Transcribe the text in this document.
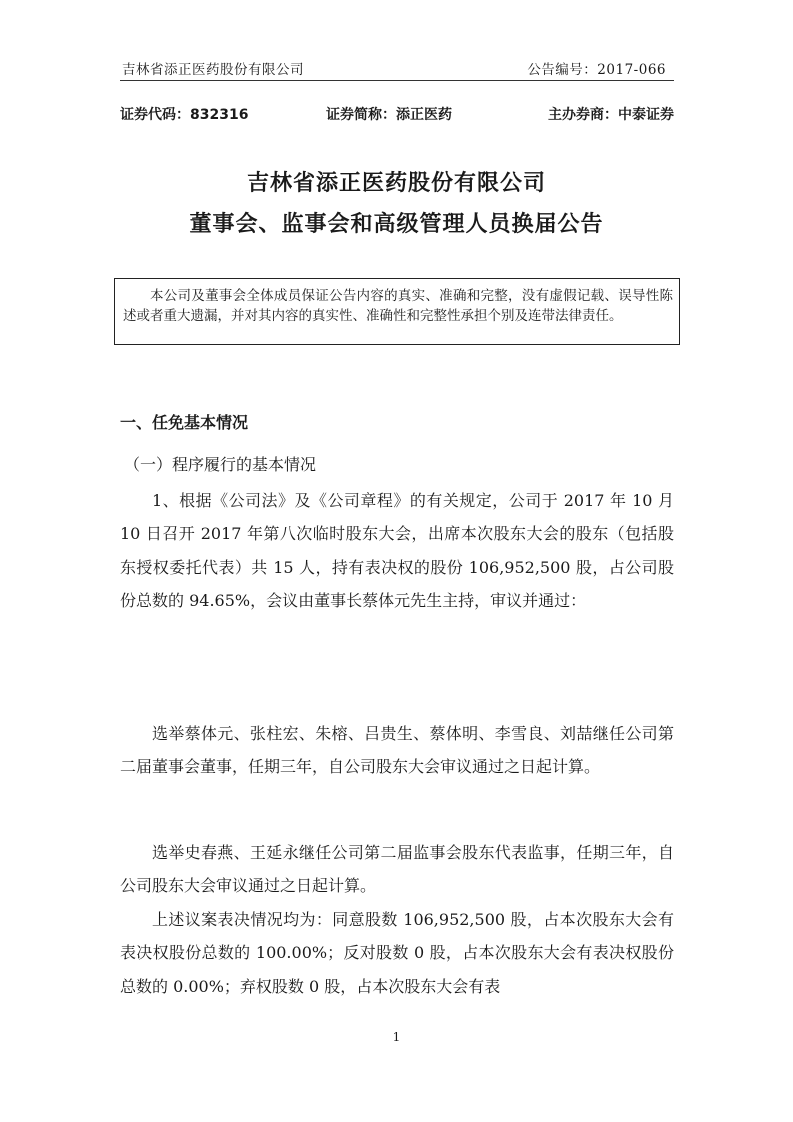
吉林省添正医药股份有限公司	公告编号：2017-066
证券代码：832316	证券简称：添正医药	主办券商：中泰证券
吉林省添正医药股份有限公司
董事会、监事会和高级管理人员换届公告
本公司及董事会全体成员保证公告内容的真实、准确和完整，没有虚假记载、误导性陈述或者重大遗漏，并对其内容的真实性、准确性和完整性承担个别及连带法律责任。
一、任免基本情况
（一）程序履行的基本情况
1、根据《公司法》及《公司章程》的有关规定，公司于 2017 年 10 月 10 日召开 2017 年第八次临时股东大会，出席本次股东大会的股东（包括股东授权委托代表）共 15 人，持有表决权的股份 106,952,500 股，占公司股份总数的 94.65%，会议由董事长蔡体元先生主持，审议并通过：
选举蔡体元、张柱宏、朱榕、吕贵生、蔡体明、李雪良、刘喆继任公司第二届董事会董事，任期三年，自公司股东大会审议通过之日起计算。
选举史春燕、王延永继任公司第二届监事会股东代表监事，任期三年，自公司股东大会审议通过之日起计算。
上述议案表决情况均为：同意股数 106,952,500 股，占本次股东大会有表决权股份总数的 100.00%；反对股数 0 股，占本次股东大会有表决权股份总数的 0.00%；弃权股数 0 股，占本次股东大会有表
1
